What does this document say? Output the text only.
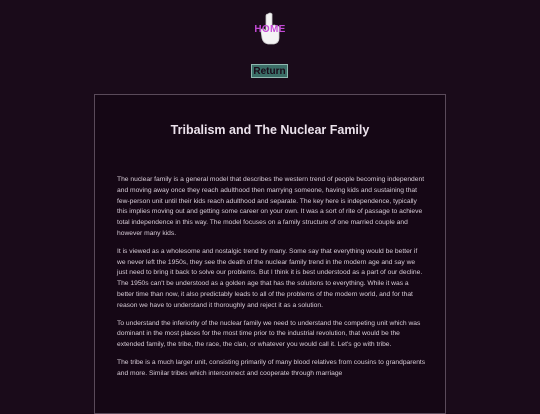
HOME
Return
Tribalism and The Nuclear Family

The nuclear family is a general model that describes the western trend of people becoming independent and moving away once they reach adulthood then marrying someone, having kids and sustaining that few-person unit until their kids reach adulthood and separate. The key here is independence, typically this implies moving out and getting some career on your own. It was a sort of rite of passage to achieve total independence in this way. The model focuses on a family structure of one married couple and however many kids.

It is viewed as a wholesome and nostalgic trend by many. Some say that everything would be better if we never left the 1950s, they see the death of the nuclear family trend in the modern age and say we just need to bring it back to solve our problems. But I think it is best understood as a part of our decline. The 1950s can't be understood as a golden age that has the solutions to everything. While it was a better time than now, it also predictably leads to all of the problems of the modern world, and for that reason we have to understand it thoroughly and reject it as a solution.

To understand the inferiority of the nuclear family we need to understand the competing unit which was dominant in the most places for the most time prior to the industrial revolution, that would be the extended family, the tribe, the race, the clan, or whatever you would call it. Let's go with tribe.

The tribe is a much larger unit, consisting primarily of many blood relatives from cousins to grandparents and more. Similar tribes which interconnect and cooperate through marriage
